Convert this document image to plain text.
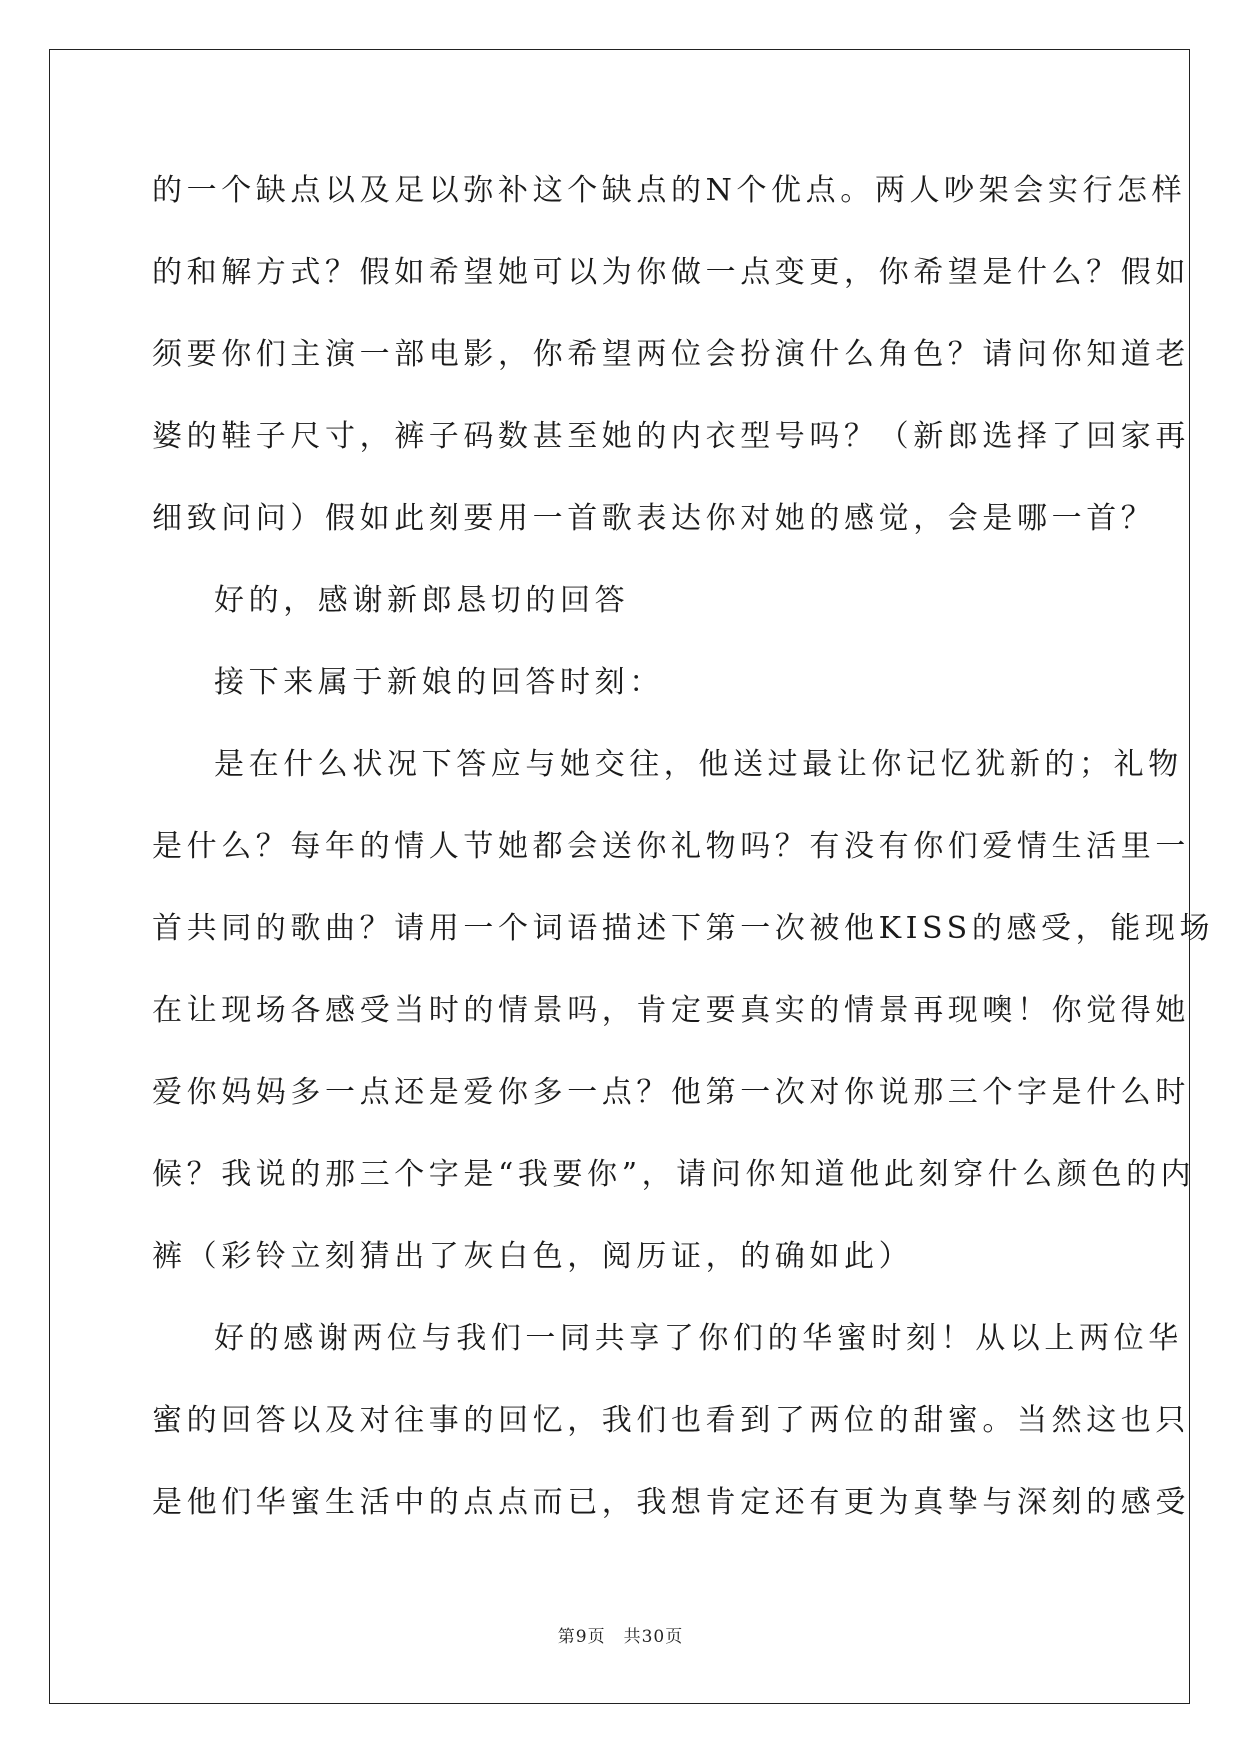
的一个缺点以及足以弥补这个缺点的N个优点。两人吵架会实行怎样
的和解方式？假如希望她可以为你做一点变更，你希望是什么？假如
须要你们主演一部电影，你希望两位会扮演什么角色？请问你知道老
婆的鞋子尺寸，裤子码数甚至她的内衣型号吗？（新郎选择了回家再
细致问问）假如此刻要用一首歌表达你对她的感觉，会是哪一首？
好的，感谢新郎恳切的回答
接下来属于新娘的回答时刻：
是在什么状况下答应与她交往，他送过最让你记忆犹新的；礼物
是什么？每年的情人节她都会送你礼物吗？有没有你们爱情生活里一
首共同的歌曲？请用一个词语描述下第一次被他KISS的感受，能现场
在让现场各感受当时的情景吗，肯定要真实的情景再现噢！你觉得她
爱你妈妈多一点还是爱你多一点？他第一次对你说那三个字是什么时
候？我说的那三个字是“我要你”，请问你知道他此刻穿什么颜色的内
裤（彩铃立刻猜出了灰白色，阅历证，的确如此）
好的感谢两位与我们一同共享了你们的华蜜时刻！从以上两位华
蜜的回答以及对往事的回忆，我们也看到了两位的甜蜜。当然这也只
是他们华蜜生活中的点点而已，我想肯定还有更为真挚与深刻的感受
第9页　共30页
